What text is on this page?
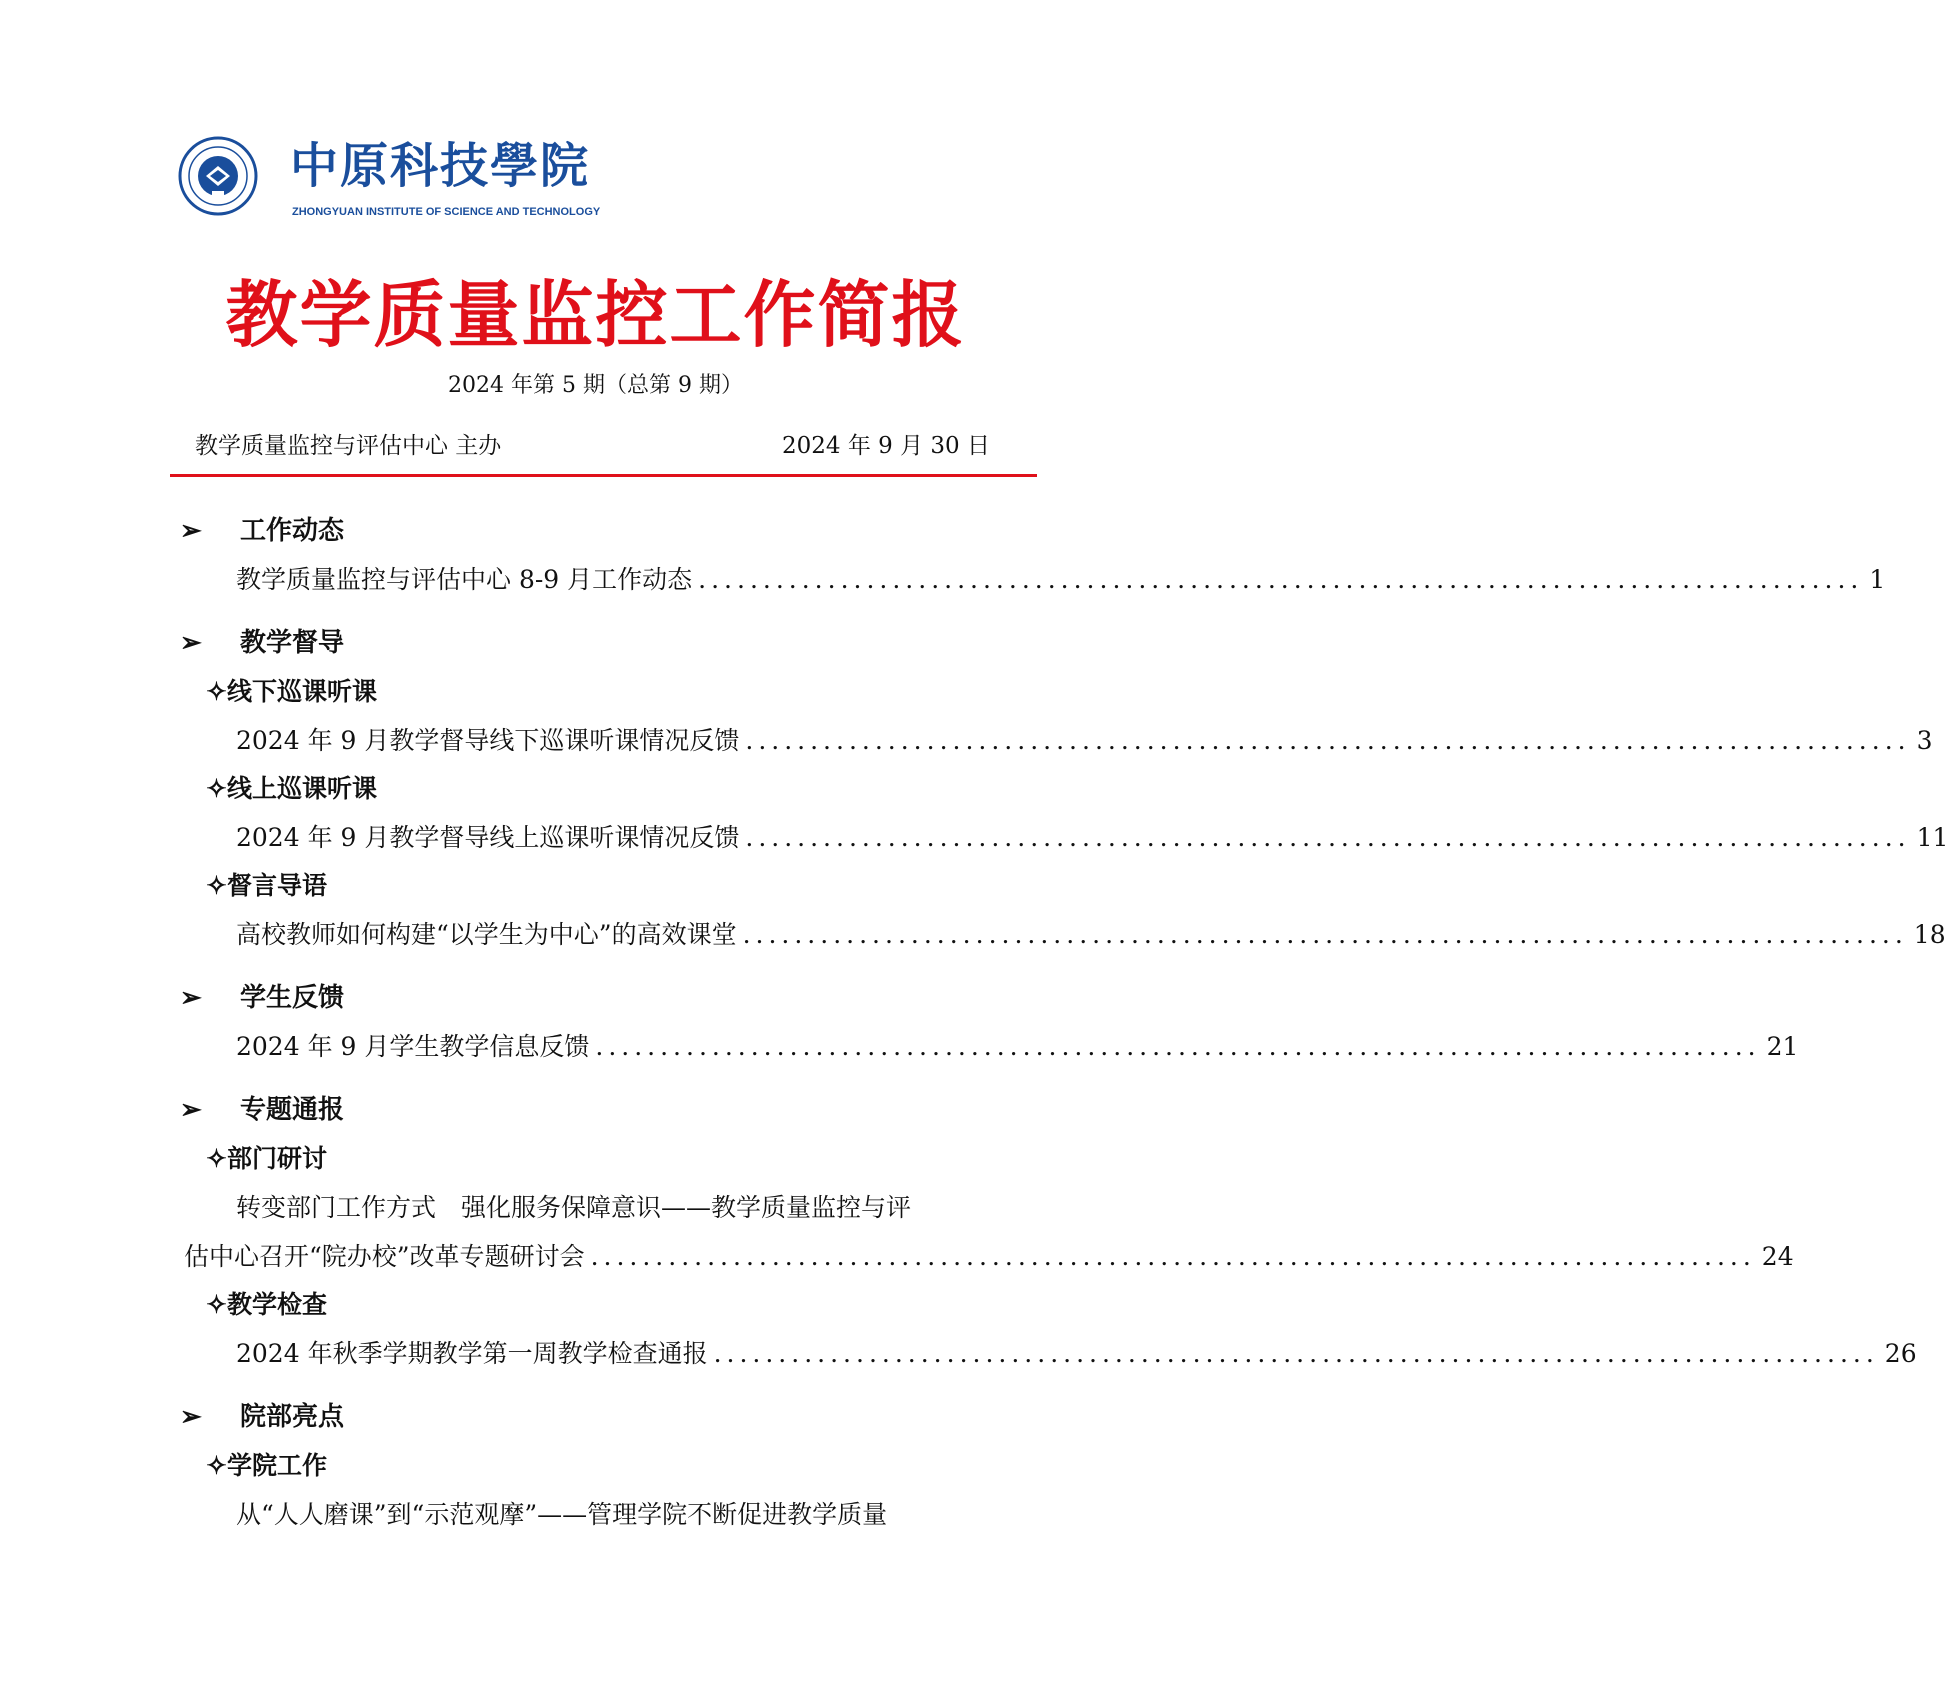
中原科技學院
ZHONGYUAN INSTITUTE OF SCIENCE AND TECHNOLOGY
教学质量监控工作简报
2024 年第 5 期（总第 9 期）
教学质量监控与评估中心 主办	2024 年 9 月 30 日
➢ 工作动态
教学质量监控与评估中心 8-9 月工作动态 .......................................................................................... 1
➢ 教学督导
✧线下巡课听课
2024 年 9 月教学督导线下巡课听课情况反馈 .......................................................................................... 3
✧线上巡课听课
2024 年 9 月教学督导线上巡课听课情况反馈 .......................................................................................... 11
✧督言导语
高校教师如何构建“以学生为中心”的高效课堂 .......................................................................................... 18
➢ 学生反馈
2024 年 9 月学生教学信息反馈 .......................................................................................... 21
➢ 专题通报
✧部门研讨
转变部门工作方式　强化服务保障意识——教学质量监控与评
估中心召开“院办校”改革专题研讨会 .......................................................................................... 24
✧教学检查
2024 年秋季学期教学第一周教学检查通报 .......................................................................................... 26
➢ 院部亮点
✧学院工作
从“人人磨课”到“示范观摩”——管理学院不断促进教学质量
